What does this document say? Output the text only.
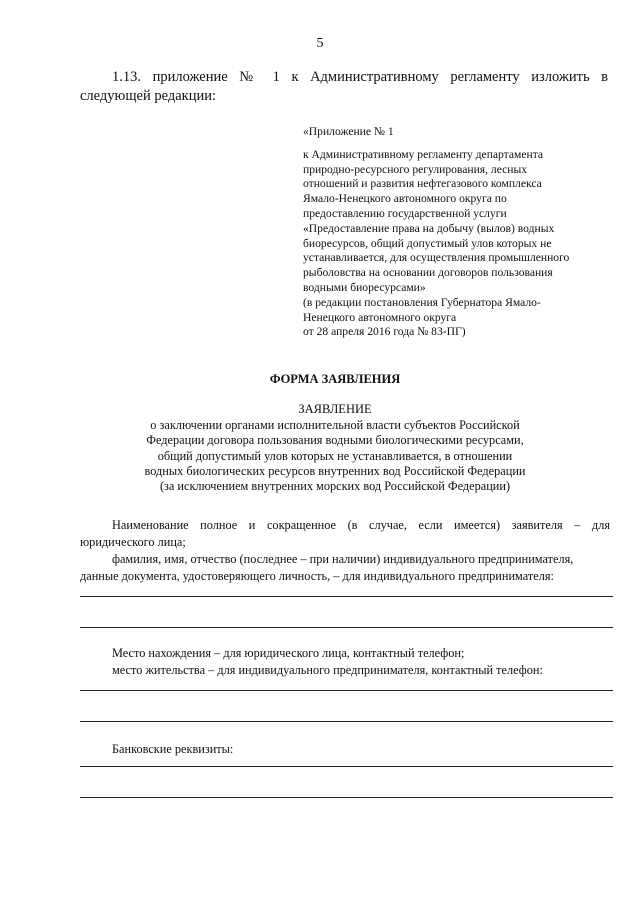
5
1.13. приложение № 1 к Административному регламенту изложить в следующей редакции:
«Приложение № 1
к Административному регламенту департамента
природно-ресурсного регулирования, лесных
отношений и развития нефтегазового комплекса
Ямало-Ненецкого автономного округа по
предоставлению государственной услуги
«Предоставление права на добычу (вылов) водных
биоресурсов, общий допустимый улов которых не
устанавливается, для осуществления промышленного
рыболовства на основании договоров пользования
водными биоресурсами»
(в редакции постановления Губернатора Ямало-
Ненецкого автономного округа
от 28 апреля 2016 года № 83-ПГ)
ФОРМА ЗАЯВЛЕНИЯ
ЗАЯВЛЕНИЕ
о заключении органами исполнительной власти субъектов Российской
Федерации договора пользования водными биологическими ресурсами,
общий допустимый улов которых не устанавливается, в отношении
водных биологических ресурсов внутренних вод Российской Федерации
(за исключением внутренних морских вод Российской Федерации)
Наименование полное и сокращенное (в случае, если имеется) заявителя – для
юридического лица;
фамилия, имя, отчество (последнее – при наличии) индивидуального предпринимателя,
данные документа, удостоверяющего личность, – для индивидуального предпринимателя:
Место нахождения – для юридического лица, контактный телефон;
место жительства – для индивидуального предпринимателя, контактный телефон:
Банковские реквизиты:
